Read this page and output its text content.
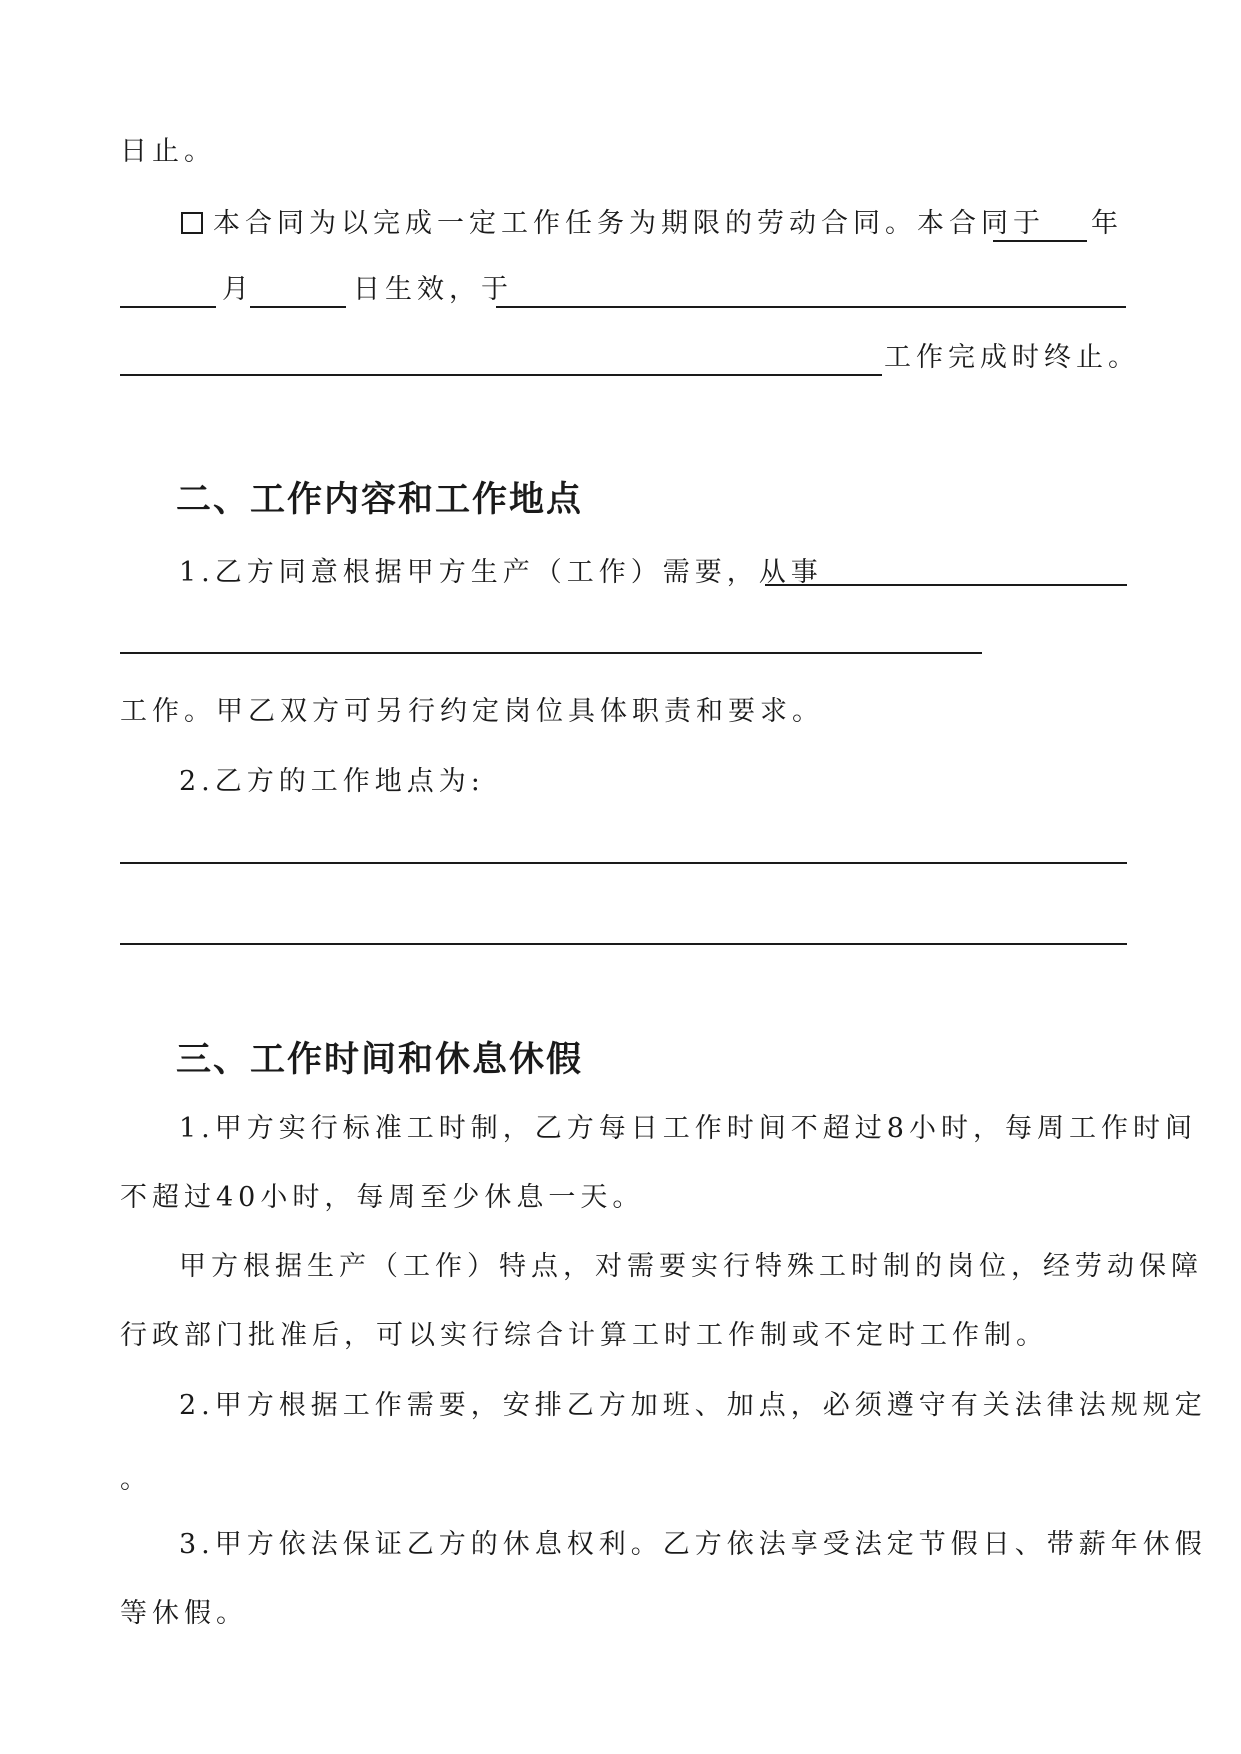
日止。
本合同为以完成一定工作任务为期限的劳动合同。本合同于 年
月	日生效，于
工作完成时终止。
二、工作内容和工作地点
1.乙方同意根据甲方生产（工作）需要，从事
工作。甲乙双方可另行约定岗位具体职责和要求。
2.乙方的工作地点为:
三、工作时间和休息休假
1.甲方实行标准工时制，乙方每日工作时间不超过8小时，每周工作时间
不超过40小时，每周至少休息一天。
甲方根据生产（工作）特点，对需要实行特殊工时制的岗位，经劳动保障
行政部门批准后，可以实行综合计算工时工作制或不定时工作制。
2.甲方根据工作需要，安排乙方加班、加点，必须遵守有关法律法规规定
。
3.甲方依法保证乙方的休息权利。乙方依法享受法定节假日、带薪年休假
等休假。
